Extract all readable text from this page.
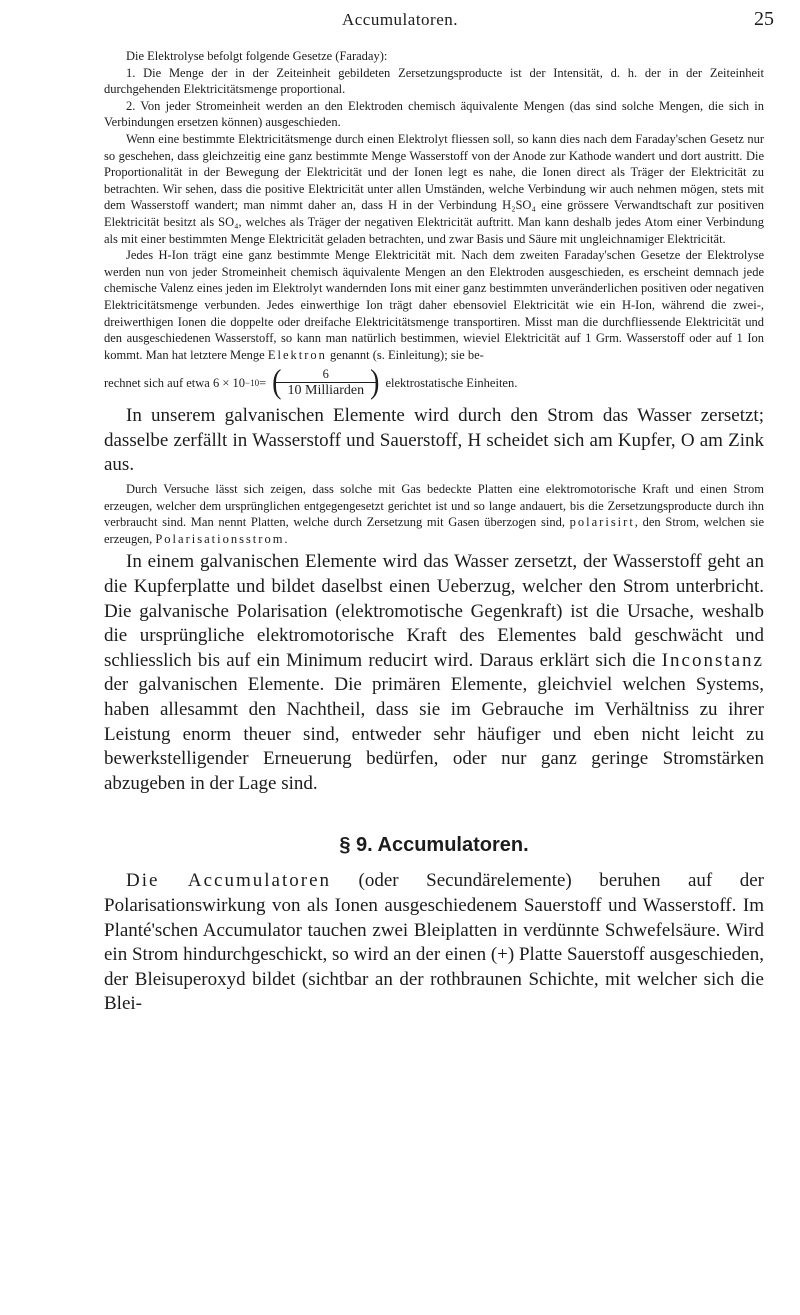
Accumulatoren.	25

Die Elektrolyse befolgt folgende Gesetze (Faraday):

1. Die Menge der in der Zeiteinheit gebildeten Zersetzungsproducte ist der Intensität, d. h. der in der Zeiteinheit durchgehenden Elektricitätsmenge proportional.

2. Von jeder Stromeinheit werden an den Elektroden chemisch äquivalente Mengen (das sind solche Mengen, die sich in Verbindungen ersetzen können) ausgeschieden.

Wenn eine bestimmte Elektricitätsmenge durch einen Elektrolyt fliessen soll, so kann dies nach dem Faraday'schen Gesetz nur so geschehen, dass gleichzeitig eine ganz bestimmte Menge Wasserstoff von der Anode zur Kathode wandert und dort austritt. Die Proportionalität in der Bewegung der Elektricität und der Ionen legt es nahe, die Ionen direct als Träger der Elektricität zu betrachten. Wir sehen, dass die positive Elektricität unter allen Umständen, welche Verbindung wir auch nehmen mögen, stets mit dem Wasserstoff wandert; man nimmt daher an, dass H in der Verbindung H₂SO₄ eine grössere Verwandtschaft zur positiven Elektricität besitzt als SO₄, welches als Träger der negativen Elektricität auftritt. Man kann deshalb jedes Atom einer Verbindung als mit einer bestimmten Menge Elektricität geladen betrachten, und zwar Basis und Säure mit ungleichnamiger Elektricität.

Jedes H-Ion trägt eine ganz bestimmte Menge Elektricität mit. Nach dem zweiten Faraday'schen Gesetze der Elektrolyse werden nun von jeder Stromeinheit chemisch äquivalente Mengen an den Elektroden ausgeschieden, es erscheint demnach jede chemische Valenz eines jeden im Elektrolyt wandernden Ions mit einer ganz bestimmten unveränderlichen positiven oder negativen Elektricitätsmenge verbunden. Jedes einwerthige Ion trägt daher ebensoviel Elektricität wie ein H-Ion, während die zwei-, dreiwerthigen Ionen die doppelte oder dreifache Elektricitätsmenge transportiren. Misst man die durchfliessende Elektricität und den ausgeschiedenen Wasserstoff, so kann man natürlich bestimmen, wieviel Elektricität auf 1 Grm. Wasserstoff oder auf 1 Ion kommt. Man hat letztere Menge Elektron genannt (s. Einleitung); sie be-

rechnet sich auf etwa 6 × 10 −10 = ( $\frac{6}{\text{10 Milliarden}}$ ) elektrostatische Einheiten.

In unserem galvanischen Elemente wird durch den Strom das Wasser zersetzt; dasselbe zerfällt in Wasserstoff und Sauerstoff, H scheidet sich am Kupfer, O am Zink aus.

Durch Versuche lässt sich zeigen, dass solche mit Gas bedeckte Platten eine elektromotorische Kraft und einen Strom erzeugen, welcher dem ursprünglichen entgegengesetzt gerichtet ist und so lange andauert, bis die Zersetzungsproducte durch ihn verbraucht sind. Man nennt Platten, welche durch Zersetzung mit Gasen überzogen sind, polarisirt, den Strom, welchen sie erzeugen, Polarisationsstrom.

In einem galvanischen Elemente wird das Wasser zersetzt, der Wasserstoff geht an die Kupferplatte und bildet daselbst einen Ueberzug, welcher den Strom unterbricht. Die galvanische Polarisation (elektromotische Gegenkraft) ist die Ursache, weshalb die ursprüngliche elektromotorische Kraft des Elementes bald geschwächt und schliesslich bis auf ein Minimum reducirt wird. Daraus erklärt sich die Inconstanz der galvanischen Elemente. Die primären Elemente, gleichviel welchen Systems, haben allesammt den Nachtheil, dass sie im Gebrauche im Verhältniss zu ihrer Leistung enorm theuer sind, entweder sehr häufiger und eben nicht leicht zu bewerkstelligender Erneuerung bedürfen, oder nur ganz geringe Stromstärken abzugeben in der Lage sind.

§ 9. Accumulatoren.

Die Accumulatoren (oder Secundärelemente) beruhen auf der Polarisationswirkung von als Ionen ausgeschiedenem Sauerstoff und Wasserstoff. Im Planté'schen Accumulator tauchen zwei Bleiplatten in verdünnte Schwefelsäure. Wird ein Strom hindurchgeschickt, so wird an der einen (+) Platte Sauerstoff ausgeschieden, der Bleisuperoxyd bildet (sichtbar an der rothbraunen Schichte, mit welcher sich die Blei-
